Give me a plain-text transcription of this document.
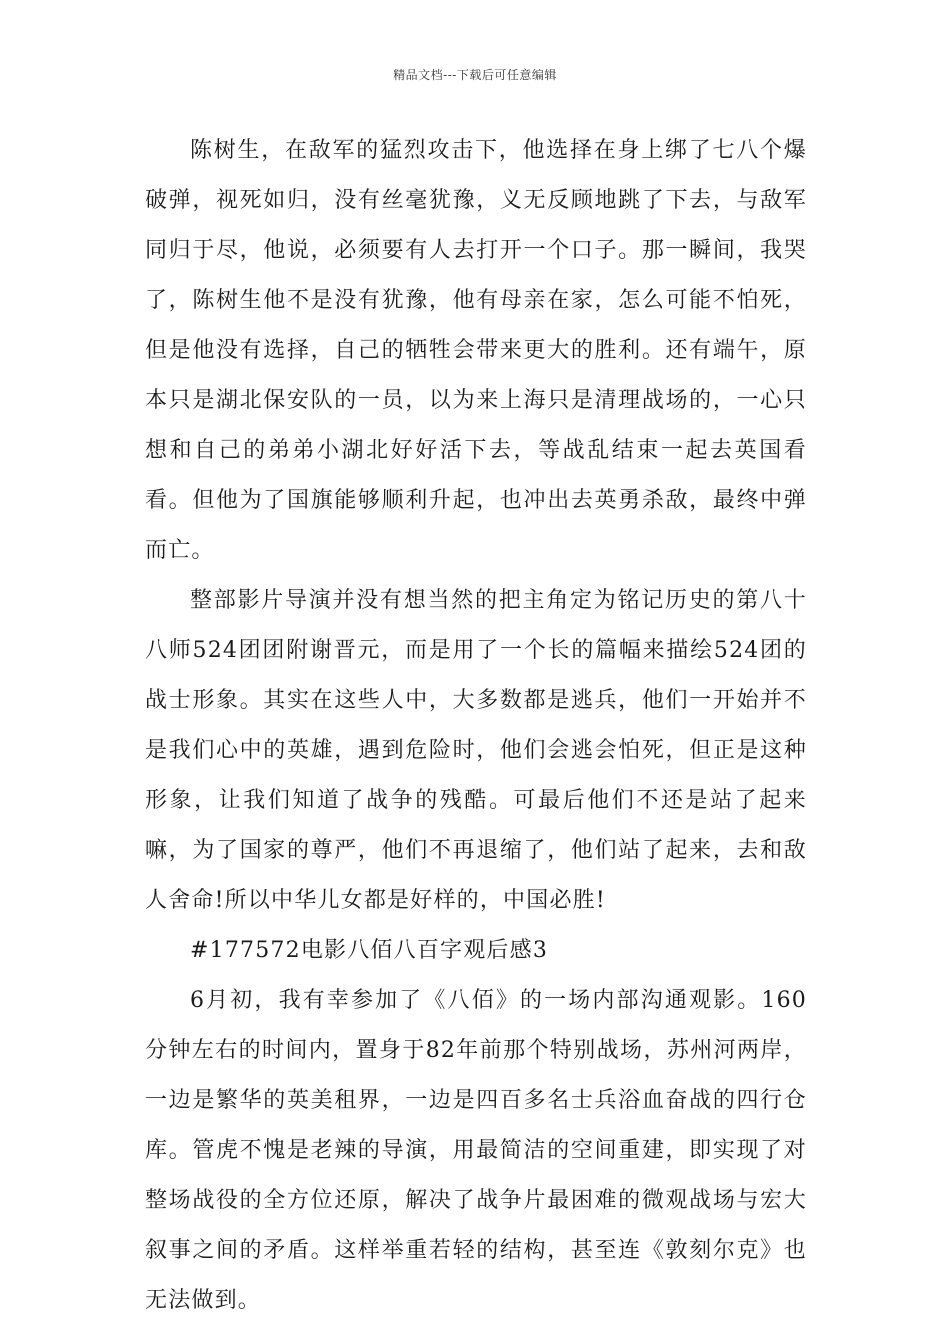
精品文档---下载后可任意编辑

陈树生，在敌军的猛烈攻击下，他选择在身上绑了七八个爆破弹，视死如归，没有丝毫犹豫，义无反顾地跳了下去，与敌军同归于尽，他说，必须要有人去打开一个口子。那一瞬间，我哭了，陈树生他不是没有犹豫，他有母亲在家，怎么可能不怕死，但是他没有选择，自己的牺牲会带来更大的胜利。还有端午，原本只是湖北保安队的一员，以为来上海只是清理战场的，一心只想和自己的弟弟小湖北好好活下去，等战乱结束一起去英国看看。但他为了国旗能够顺利升起，也冲出去英勇杀敌，最终中弹而亡。

整部影片导演并没有想当然的把主角定为铭记历史的第八十八师524团团附谢晋元，而是用了一个长的篇幅来描绘524团的战士形象。其实在这些人中，大多数都是逃兵，他们一开始并不是我们心中的英雄，遇到危险时，他们会逃会怕死，但正是这种形象，让我们知道了战争的残酷。可最后他们不还是站了起来嘛，为了国家的尊严，他们不再退缩了，他们站了起来，去和敌人舍命!所以中华儿女都是好样的，中国必胜!

#177572电影八佰八百字观后感3

6月初，我有幸参加了《八佰》的一场内部沟通观影。160分钟左右的时间内，置身于82年前那个特别战场，苏州河两岸，一边是繁华的英美租界，一边是四百多名士兵浴血奋战的四行仓库。管虎不愧是老辣的导演，用最简洁的空间重建，即实现了对整场战役的全方位还原，解决了战争片最困难的微观战场与宏大叙事之间的矛盾。这样举重若轻的结构，甚至连《敦刻尔克》也无法做到。
